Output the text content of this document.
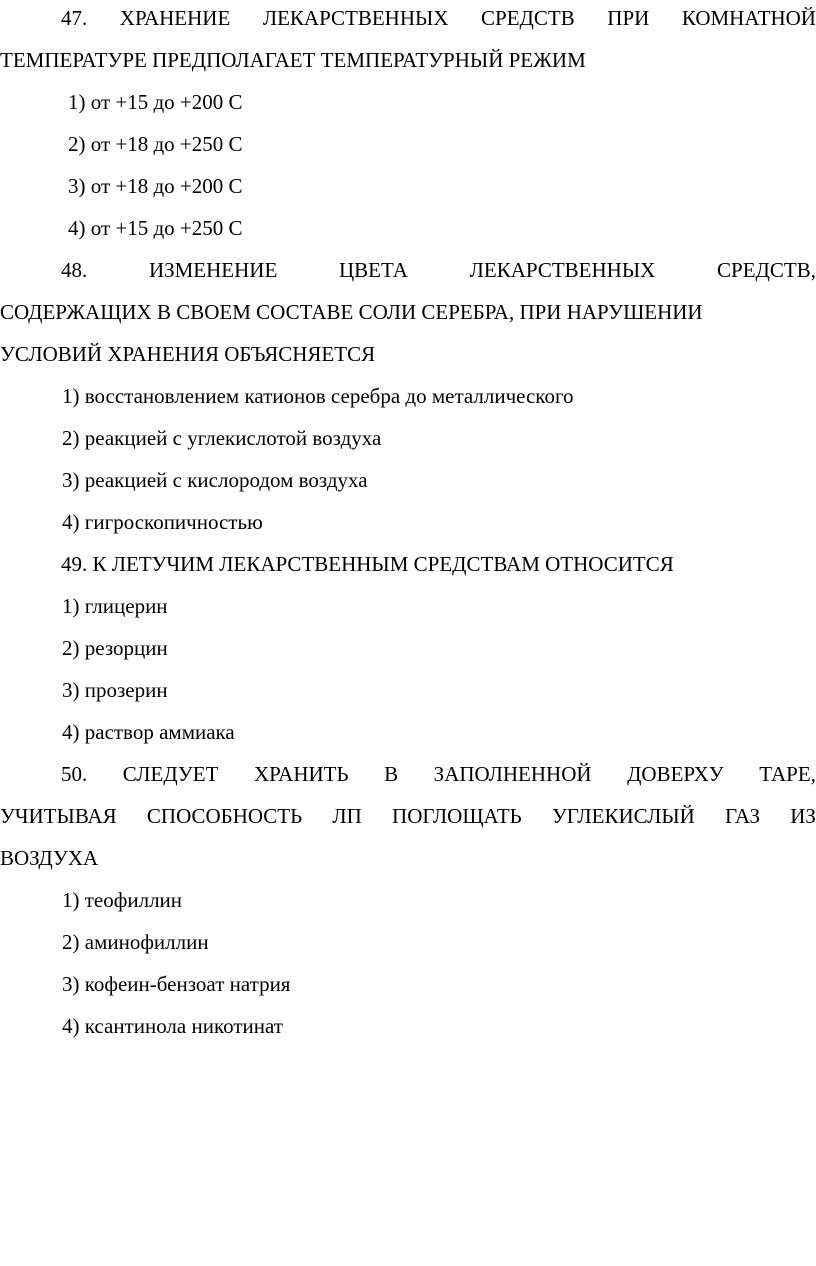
47. ХРАНЕНИЕ ЛЕКАРСТВЕННЫХ СРЕДСТВ ПРИ КОМНАТНОЙ
ТЕМПЕРАТУРЕ ПРЕДПОЛАГАЕТ ТЕМПЕРАТУРНЫЙ РЕЖИМ
1) от +15 до +200 С
2) от +18 до +250 С
3) от +18 до +200 С
4) от +15 до +250 С
48.	ИЗМЕНЕНИЕ	ЦВЕТА	ЛЕКАРСТВЕННЫХ	СРЕДСТВ,
СОДЕРЖАЩИХ В СВОЕМ СОСТАВЕ СОЛИ СЕРЕБРА, ПРИ НАРУШЕНИИ
УСЛОВИЙ ХРАНЕНИЯ ОБЪЯСНЯЕТСЯ
1) восстановлением катионов серебра до металлического
2) реакцией с углекислотой воздуха
3) реакцией с кислородом воздуха
4) гигроскопичностью
49. К ЛЕТУЧИМ ЛЕКАРСТВЕННЫМ СРЕДСТВАМ ОТНОСИТСЯ
1) глицерин
2) резорцин
3) прозерин
4) раствор аммиака
50. СЛЕДУЕТ ХРАНИТЬ В ЗАПОЛНЕННОЙ ДОВЕРХУ ТАРЕ,
УЧИТЫВАЯ СПОСОБНОСТЬ ЛП ПОГЛОЩАТЬ УГЛЕКИСЛЫЙ ГАЗ ИЗ
ВОЗДУХА
1) теофиллин
2) аминофиллин
3) кофеин-бензоат натрия
4) ксантинола никотинат
